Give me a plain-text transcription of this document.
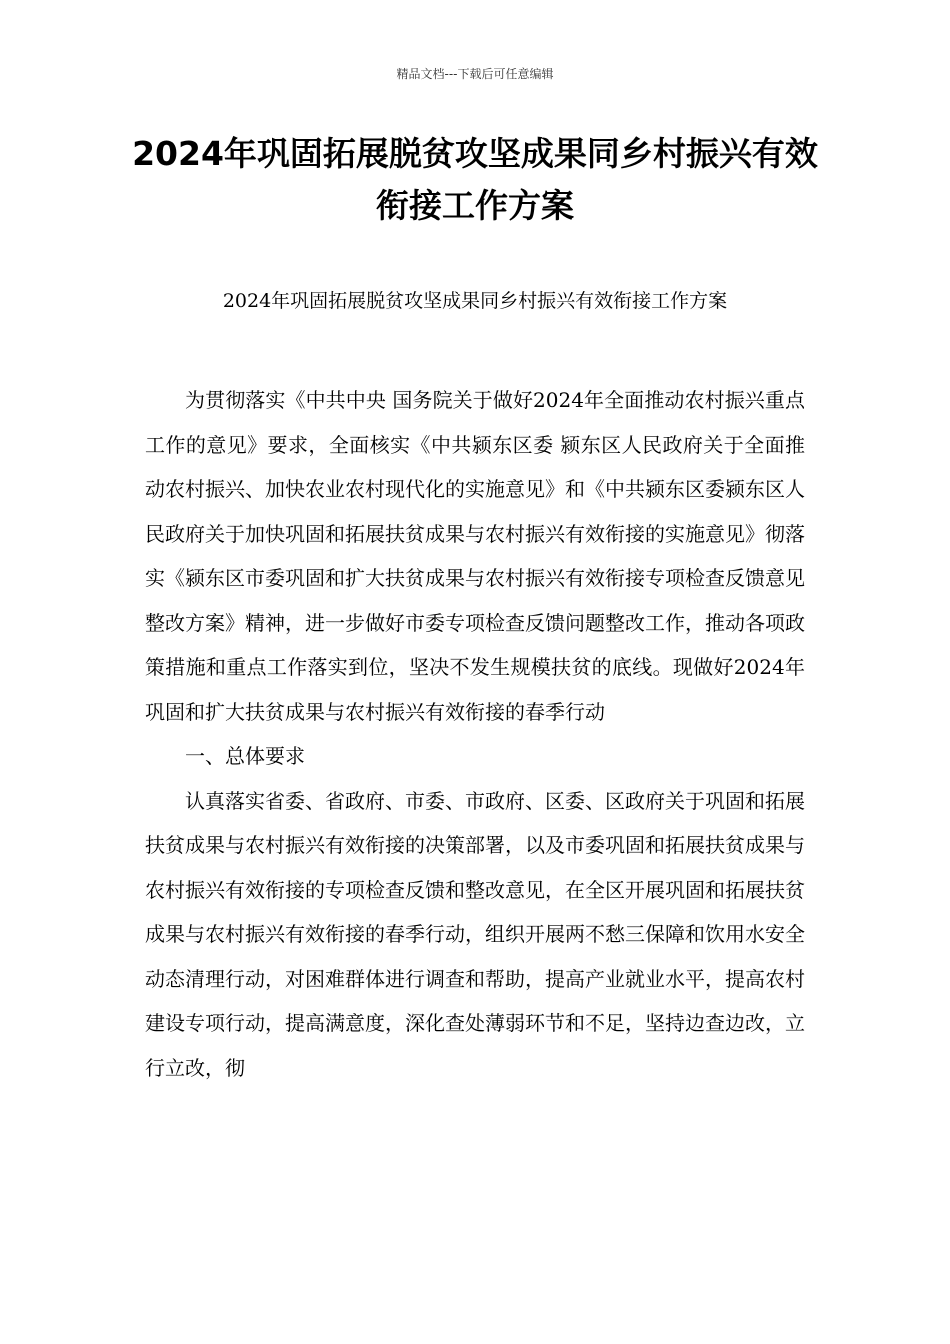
精品文档---下载后可任意编辑
2024年巩固拓展脱贫攻坚成果同乡村振兴有效衔接工作方案

2024年巩固拓展脱贫攻坚成果同乡村振兴有效衔接工作方案

为贯彻落实《中共中央 国务院关于做好2024年全面推动农村振兴重点工作的意见》要求，全面核实《中共颍东区委 颍东区人民政府关于全面推动农村振兴、加快农业农村现代化的实施意见》和《中共颍东区委颍东区人民政府关于加快巩固和拓展扶贫成果与农村振兴有效衔接的实施意见》彻落实《颍东区市委巩固和扩大扶贫成果与农村振兴有效衔接专项检查反馈意见整改方案》精神，进一步做好市委专项检查反馈问题整改工作，推动各项政策措施和重点工作落实到位，坚决不发生规模扶贫的底线。现做好2024年巩固和扩大扶贫成果与农村振兴有效衔接的春季行动

一、总体要求

认真落实省委、省政府、市委、市政府、区委、区政府关于巩固和拓展扶贫成果与农村振兴有效衔接的决策部署，以及市委巩固和拓展扶贫成果与农村振兴有效衔接的专项检查反馈和整改意见，在全区开展巩固和拓展扶贫成果与农村振兴有效衔接的春季行动，组织开展两不愁三保障和饮用水安全动态清理行动，对困难群体进行调查和帮助，提高产业就业水平，提高农村建设专项行动，提高满意度，深化查处薄弱环节和不足，坚持边查边改，立行立改，彻
